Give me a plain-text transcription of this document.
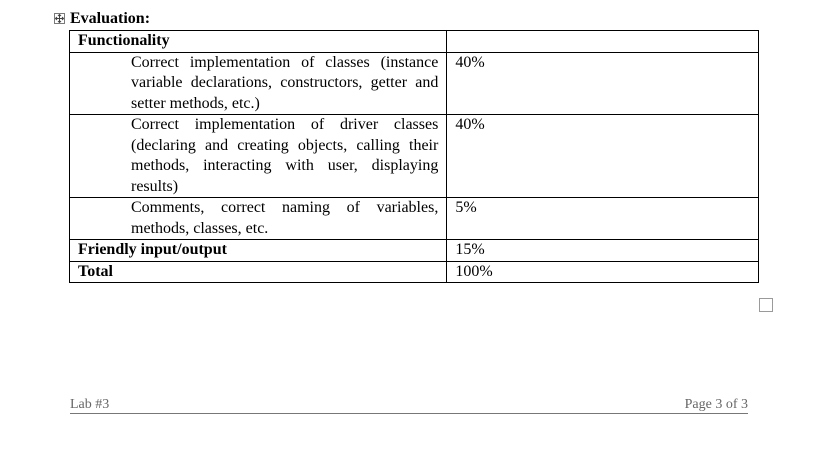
Evaluation:
Functionality	
Correct implementation of classes (instance variable declarations, constructors, getter and setter methods, etc.)	40%
Correct implementation of driver classes (declaring and creating objects, calling their methods, interacting with user, displaying results)	40%
Comments, correct naming of variables, methods, classes, etc.	5%
Friendly input/output	15%
Total	100%
Lab #3	Page 3 of 3
